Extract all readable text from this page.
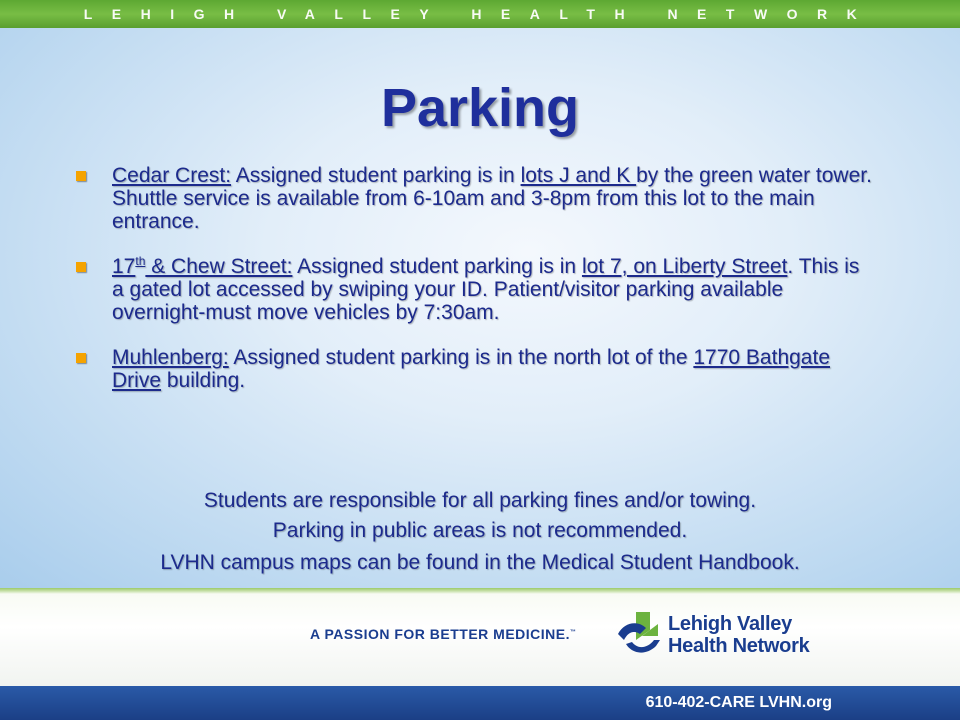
LEHIGH VALLEY HEALTH NETWORK
Parking
Cedar Crest: Assigned student parking is in lots J and K by the green water tower. Shuttle service is available from 6-10am and 3-8pm from this lot to the main entrance.
17th & Chew Street: Assigned student parking is in lot 7, on Liberty Street. This is a gated lot accessed by swiping your ID. Patient/visitor parking available overnight-must move vehicles by 7:30am.
Muhlenberg: Assigned student parking is in the north lot of the 1770 Bathgate Drive building.
Students are responsible for all parking fines and/or towing.
Parking in public areas is not recommended.
LVHN campus maps can be found in the Medical Student Handbook.
A PASSION FOR BETTER MEDICINE.™	Lehigh Valley
Health Network
610-402-CARE LVHN.org
